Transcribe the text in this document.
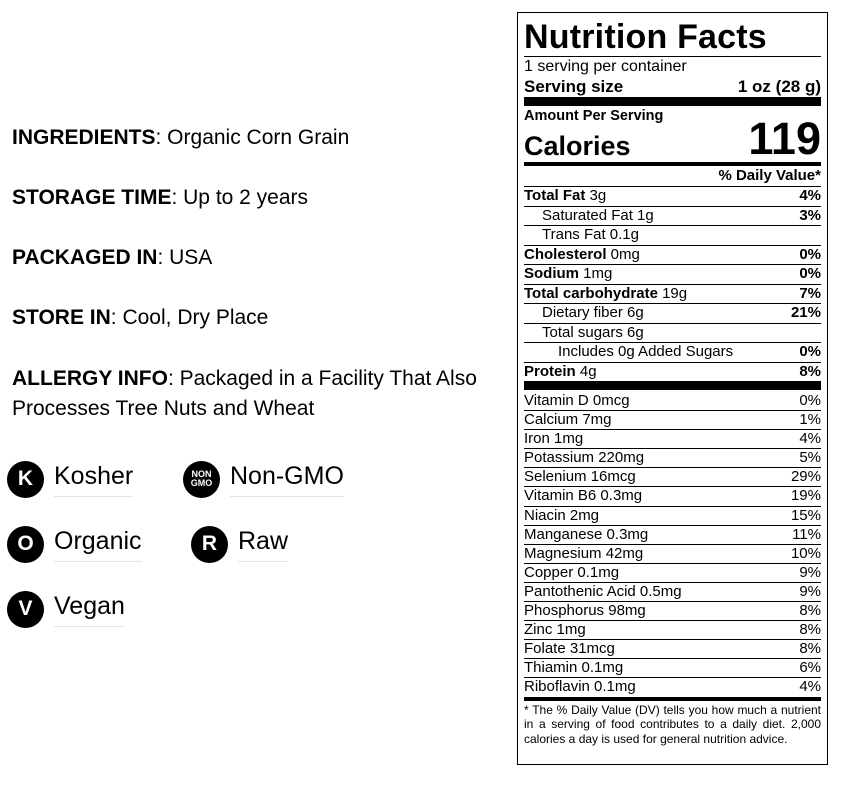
INGREDIENTS: Organic Corn Grain
STORAGE TIME: Up to 2 years
PACKAGED IN: USA
STORE IN: Cool, Dry Place
ALLERGY INFO: Packaged in a Facility That Also Processes Tree Nuts and Wheat
K Kosher	NON
GMO Non-GMO
O Organic	R Raw
V Vegan
Nutrition Facts
1 serving per container
Serving size	1 oz (28 g)
Amount Per Serving
Calories	119
% Daily Value*
Total Fat 3g	4%
Saturated Fat 1g	3%
Trans Fat 0.1g
Cholesterol 0mg	0%
Sodium 1mg	0%
Total carbohydrate 19g	7%
Dietary fiber 6g	21%
Total sugars 6g
Includes 0g Added Sugars	0%
Protein 4g	8%
Vitamin D 0mcg	0%
Calcium 7mg	1%
Iron 1mg	4%
Potassium 220mg	5%
Selenium 16mcg	29%
Vitamin B6 0.3mg	19%
Niacin 2mg	15%
Manganese 0.3mg	11%
Magnesium 42mg	10%
Copper 0.1mg	9%
Pantothenic Acid 0.5mg	9%
Phosphorus 98mg	8%
Zinc 1mg	8%
Folate 31mcg	8%
Thiamin 0.1mg	6%
Riboflavin 0.1mg	4%
* The % Daily Value (DV) tells you how much a nutrient in a serving of food contributes to a daily diet. 2,000 calories a day is used for general nutrition advice.
